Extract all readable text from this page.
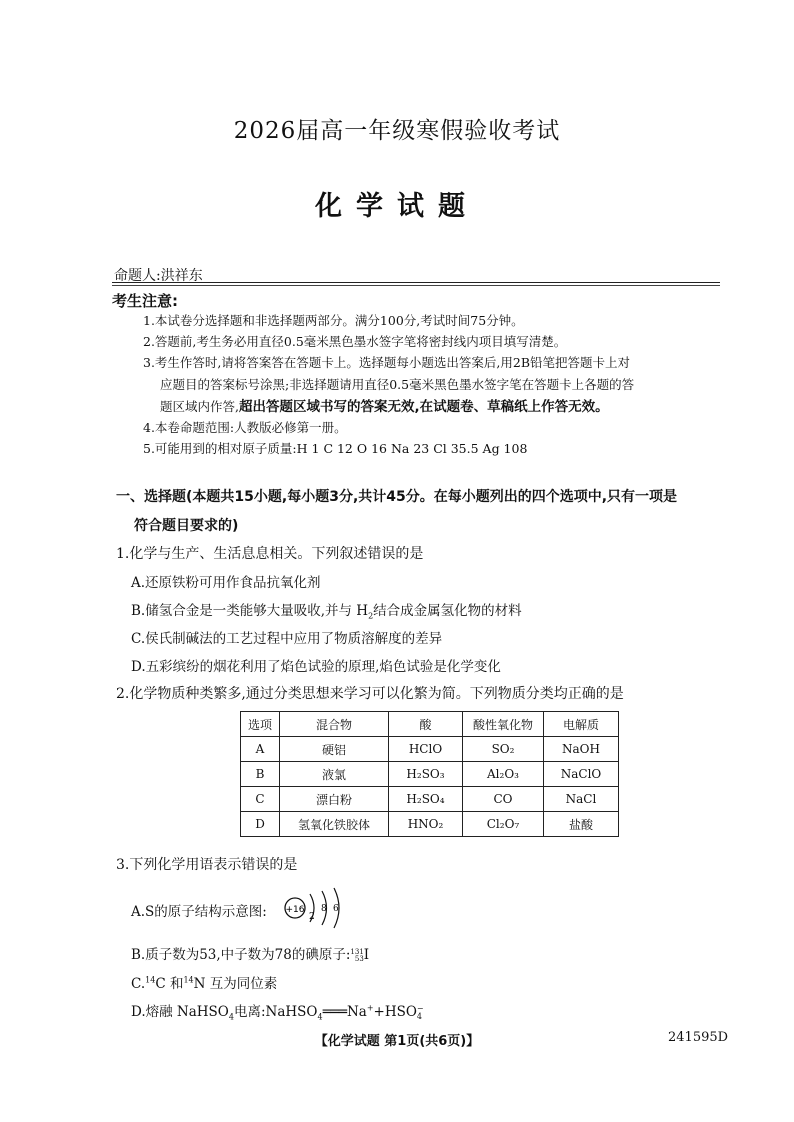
2026届高一年级寒假验收考试
化学试题
命题人:洪祥东
考生注意:
1.本试卷分选择题和非选择题两部分。满分100分,考试时间75分钟。
2.答题前,考生务必用直径0.5毫米黑色墨水签字笔将密封线内项目填写清楚。
3.考生作答时,请将答案答在答题卡上。选择题每小题选出答案后,用2B铅笔把答题卡上对
应题目的答案标号涂黑;非选择题请用直径0.5毫米黑色墨水签字笔在答题卡上各题的答
题区域内作答,超出答题区域书写的答案无效,在试题卷、草稿纸上作答无效。
4.本卷命题范围:人教版必修第一册。
5.可能用到的相对原子质量:H 1 C 12 O 16 Na 23 Cl 35.5 Ag 108
一、选择题(本题共15小题,每小题3分,共计45分。在每小题列出的四个选项中,只有一项是
符合题目要求的)
1.化学与生产、生活息息相关。下列叙述错误的是
A.还原铁粉可用作食品抗氧化剂
B.储氢合金是一类能够大量吸收,并与 $H_2$结合成金属氢化物的材料
C.侯氏制碱法的工艺过程中应用了物质溶解度的差异
D.五彩缤纷的烟花利用了焰色试验的原理,焰色试验是化学变化
2.化学物质种类繁多,通过分类思想来学习可以化繁为简。下列物质分类均正确的是
选项	混合物	酸	酸性氧化物	电解质
A	硬铝	HClO	SO₂	NaOH
B	液氯	H₂SO₃	Al₂O₃	NaClO
C	漂白粉	H₂SO₄	CO	NaCl
D	氢氧化铁胶体	HNO₂	Cl₂O₇	盐酸
3.下列化学用语表示错误的是
A.S的原子结构示意图: +16
2
8 6
B.质子数为53,中子数为78的碘原子: 131
53 I
C.$^{14}$C 和$^{14}$N 互为同位素
D.熔融 NaHSO$_4$电离:NaHSO$_4$═══Na++HSO −
4
【化学试题 第1页(共6页)】	241595D
